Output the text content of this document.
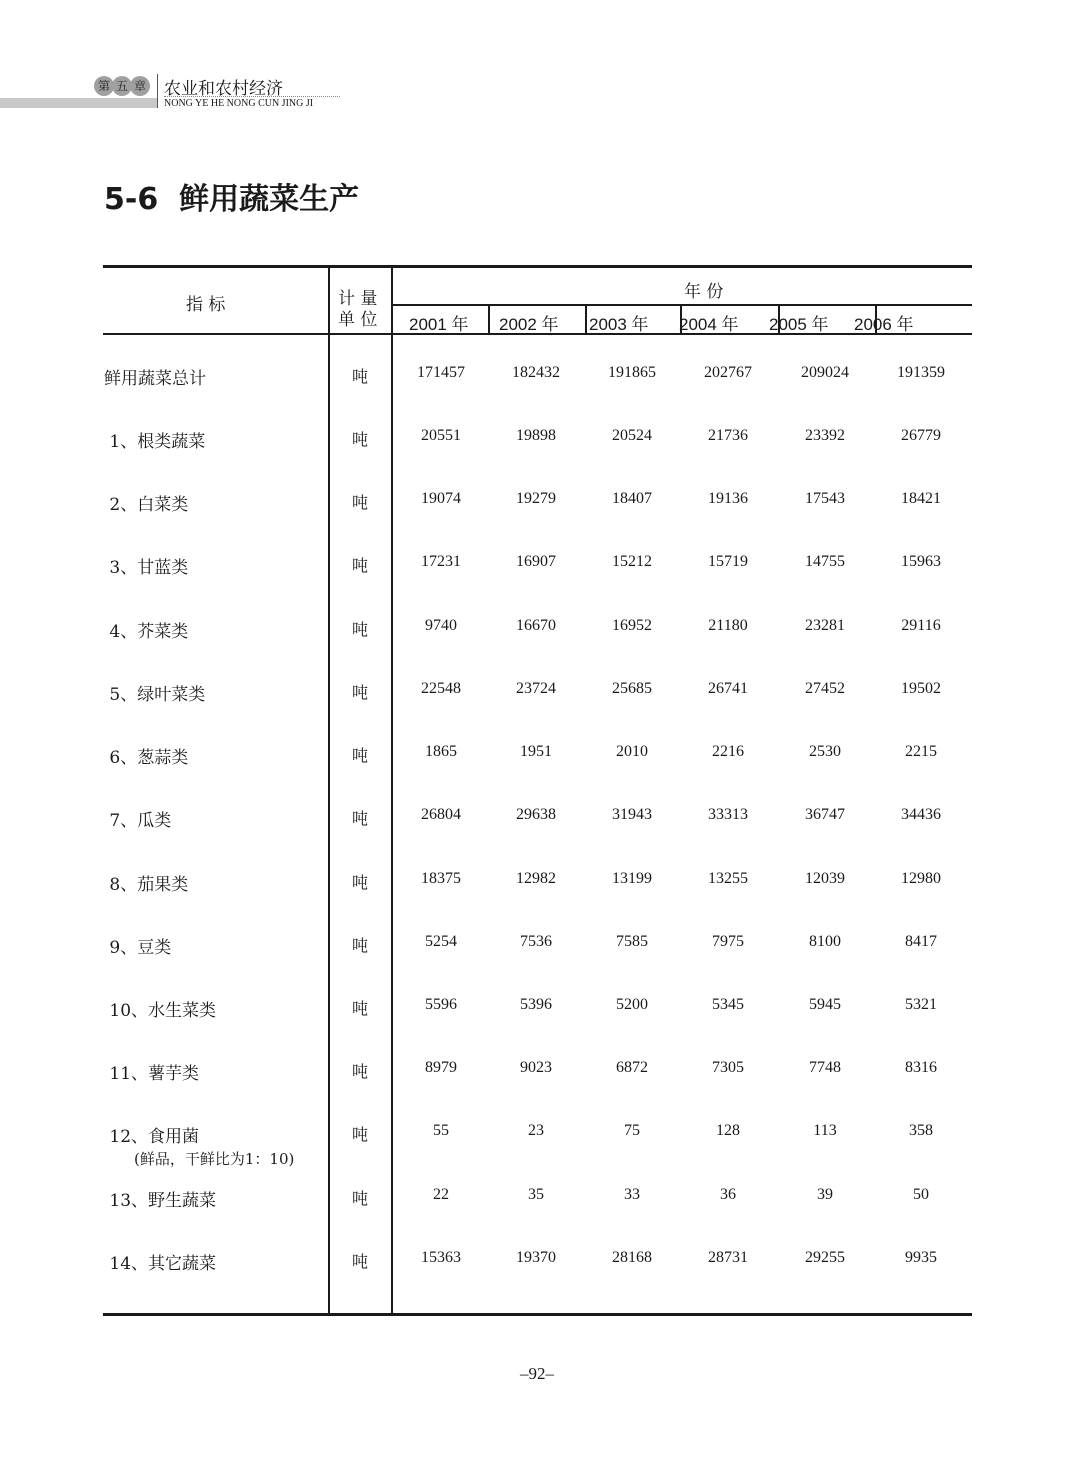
第 五 章 农业和农村经济
NONG YE HE NONG CUN JING JI
5-6  鲜用蔬菜生产
指 标	计 量
单 位
年 份
2001 年 2002 年 2003 年 2004 年 2005 年 2006 年
鲜用蔬菜总计	吨	171457	182432	191865	202767	209024	191359
1、根类蔬菜	吨	20551	19898	20524	21736	23392	26779
2、白菜类	吨	19074	19279	18407	19136	17543	18421
3、甘蓝类	吨	17231	16907	15212	15719	14755	15963
4、芥菜类	吨	9740	16670	16952	21180	23281	29116
5、绿叶菜类	吨	22548	23724	25685	26741	27452	19502
6、葱蒜类	吨	1865	1951	2010	2216	2530	2215
7、瓜类	吨	26804	29638	31943	33313	36747	34436
8、茄果类	吨	18375	12982	13199	13255	12039	12980
9、豆类	吨	5254	7536	7585	7975	8100	8417
10、水生菜类	吨	5596	5396	5200	5345	5945	5321
11、薯芋类	吨	8979	9023	6872	7305	7748	8316
12、食用菌
(鲜品，干鲜比为1：10)
吨	55	23	75	128	113	358
13、野生蔬菜	吨	22	35	33	36	39	50
14、其它蔬菜	吨	15363	19370	28168	28731	29255	9935
–92–
